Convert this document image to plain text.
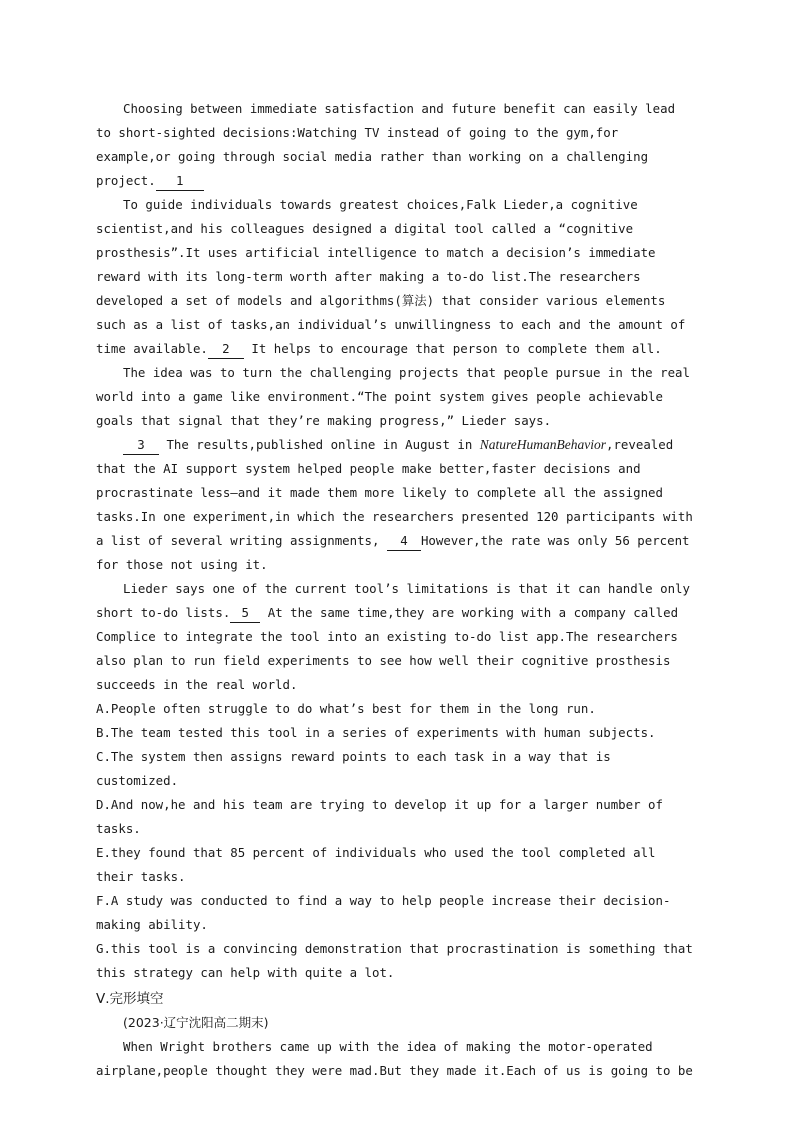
Choosing between immediate satisfaction and future benefit can easily lead to short-sighted decisions:Watching TV instead of going to the gym,for example,or going through social media rather than working on a challenging project. 1

To guide individuals towards greatest choices,Falk Lieder,a cognitive scientist,and his colleagues designed a digital tool called a “cognitive prosthesis”.It uses artificial intelligence to match a decision’s immediate reward with its long-term worth after making a to-do list.The researchers developed a set of models and algorithms(算法) that consider various elements such as a list of tasks,an individual’s unwillingness to each and the amount of time available. 2 It helps to encourage that person to complete them all.

The idea was to turn the challenging projects that people pursue in the real world into a game like environment.“The point system gives people achievable goals that signal that they’re making progress,” Lieder says.

3 The results,published online in August in NatureHumanBehavior,revealed that the AI support system helped people make better,faster decisions and procrastinate less—and it made them more likely to complete all the assigned tasks.In one experiment,in which the researchers presented 120 participants with a list of several writing assignments, 4 However,the rate was only 56 percent for those not using it.

Lieder says one of the current tool’s limitations is that it can handle only short to-do lists. 5 At the same time,they are working with a company called Complice to integrate the tool into an existing to-do list app.The researchers also plan to run field experiments to see how well their cognitive prosthesis succeeds in the real world.

A.People often struggle to do what’s best for them in the long run.

B.The team tested this tool in a series of experiments with human subjects.

C.The system then assigns reward points to each task in a way that is customized.

D.And now,he and his team are trying to develop it up for a larger number of tasks.

E.they found that 85 percent of individuals who used the tool completed all their tasks.

F.A study was conducted to find a way to help people increase their decision-making ability.

G.this tool is a convincing demonstration that procrastination is something that this strategy can help with quite a lot.

Ⅴ.完形填空

(2023·辽宁沈阳高二期末)

When Wright brothers came up with the idea of making the motor-operated airplane,people thought they were mad.But they made it.Each of us is going to be
